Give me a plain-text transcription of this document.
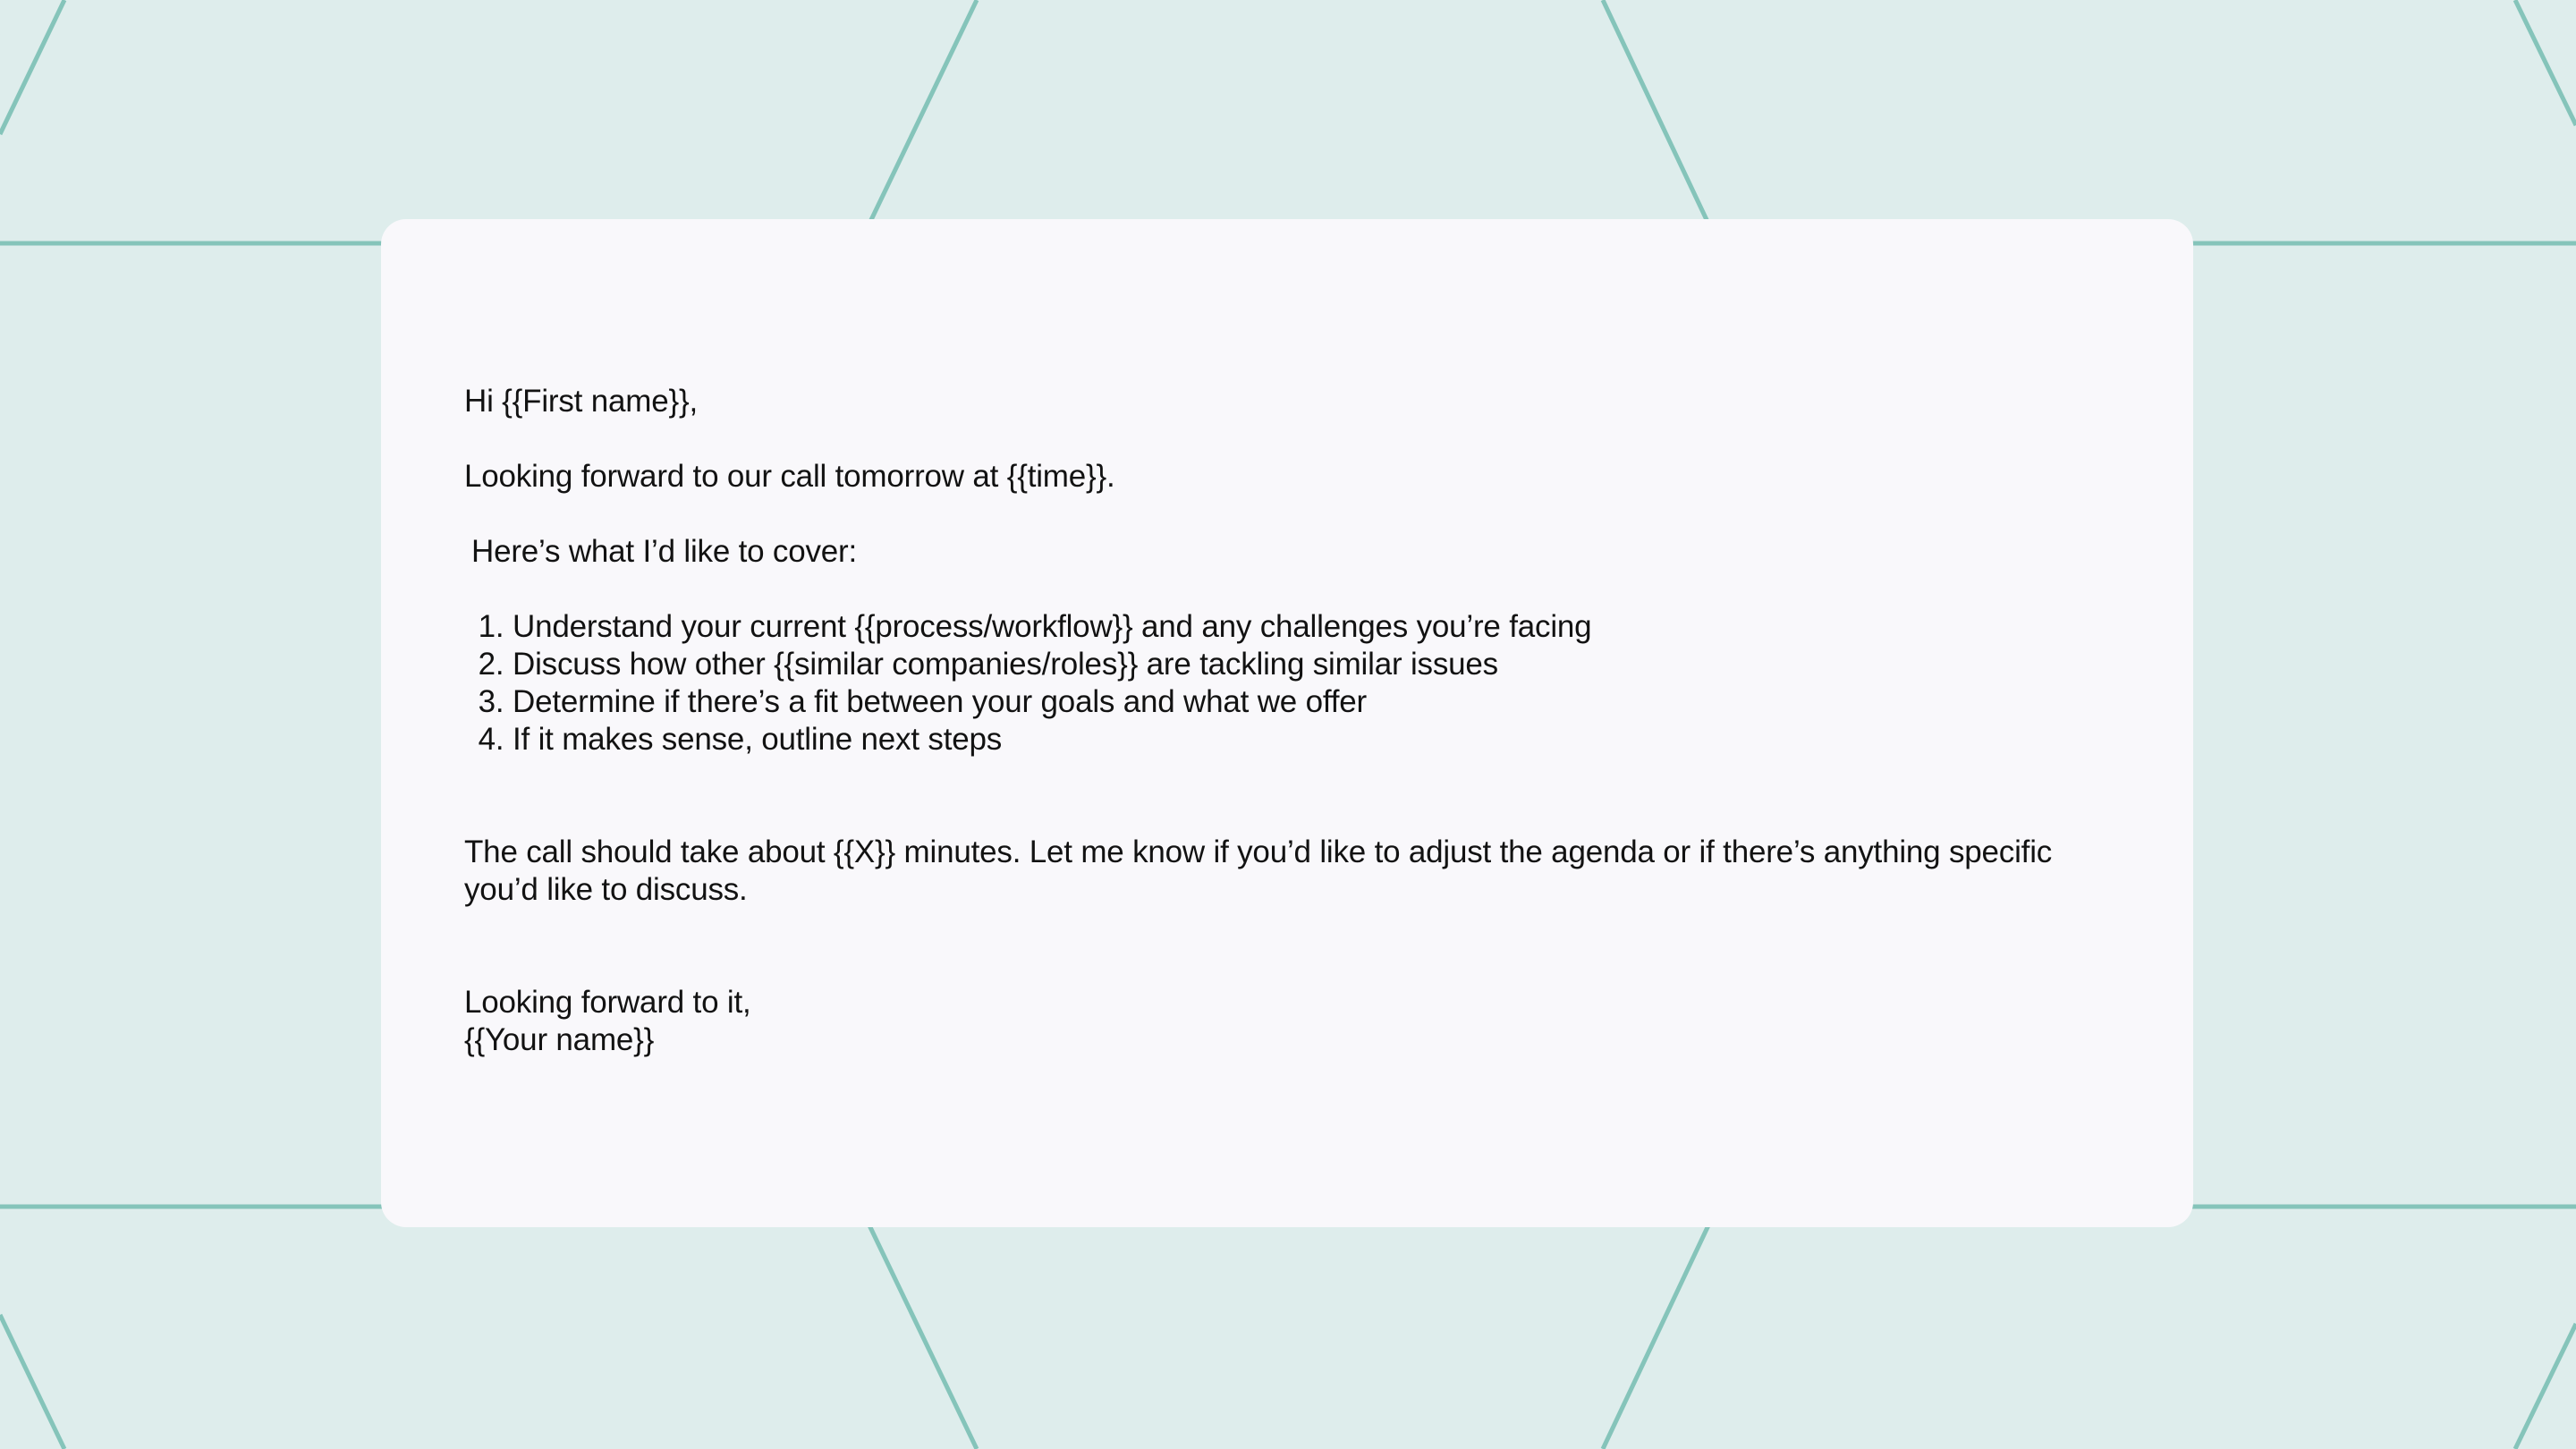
Hi {{First name}},

Looking forward to our call tomorrow at {{time}}.

Here’s what I’d like to cover:

1. Understand your current {{process/workflow}} and any challenges you’re facing
2. Discuss how other {{similar companies/roles}} are tackling similar issues
3. Determine if there’s a fit between your goals and what we offer
4. If it makes sense, outline next steps

The call should take about {{X}} minutes. Let me know if you’d like to adjust the agenda or if there’s anything specific you’d like to discuss.

Looking forward to it,

{{Your name}}
